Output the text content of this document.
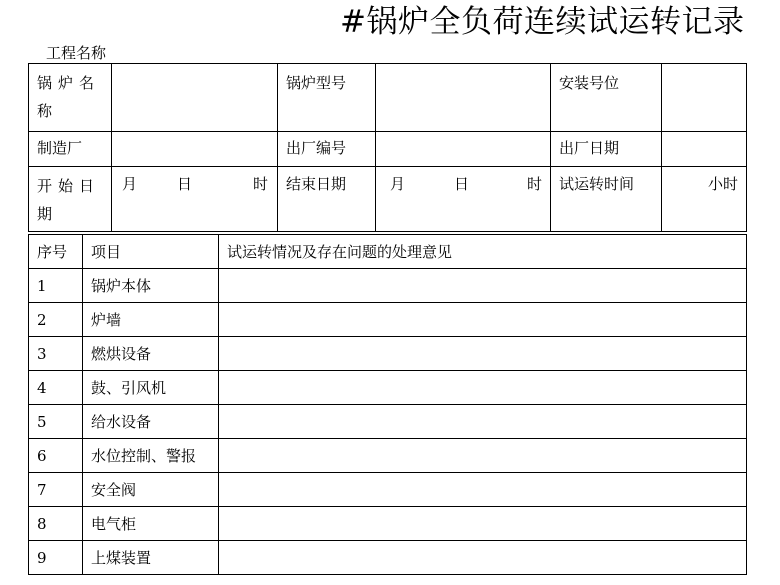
#锅炉全负荷连续试运转记录
工程名称
锅炉名称		锅炉型号		安装号位	

制造厂		出厂编号		出厂日期	

开始日期	月 日 时	结束日期	月 日 时	试运转时间	小时
序号	项目	试运转情况及存在问题的处理意见
1	锅炉本体	
2	炉墙	
3	燃烘设备	
4	鼓、引风机	
5	给水设备	
6	水位控制、警报	
7	安全阀	
8	电气柜	
9	上煤装置	
